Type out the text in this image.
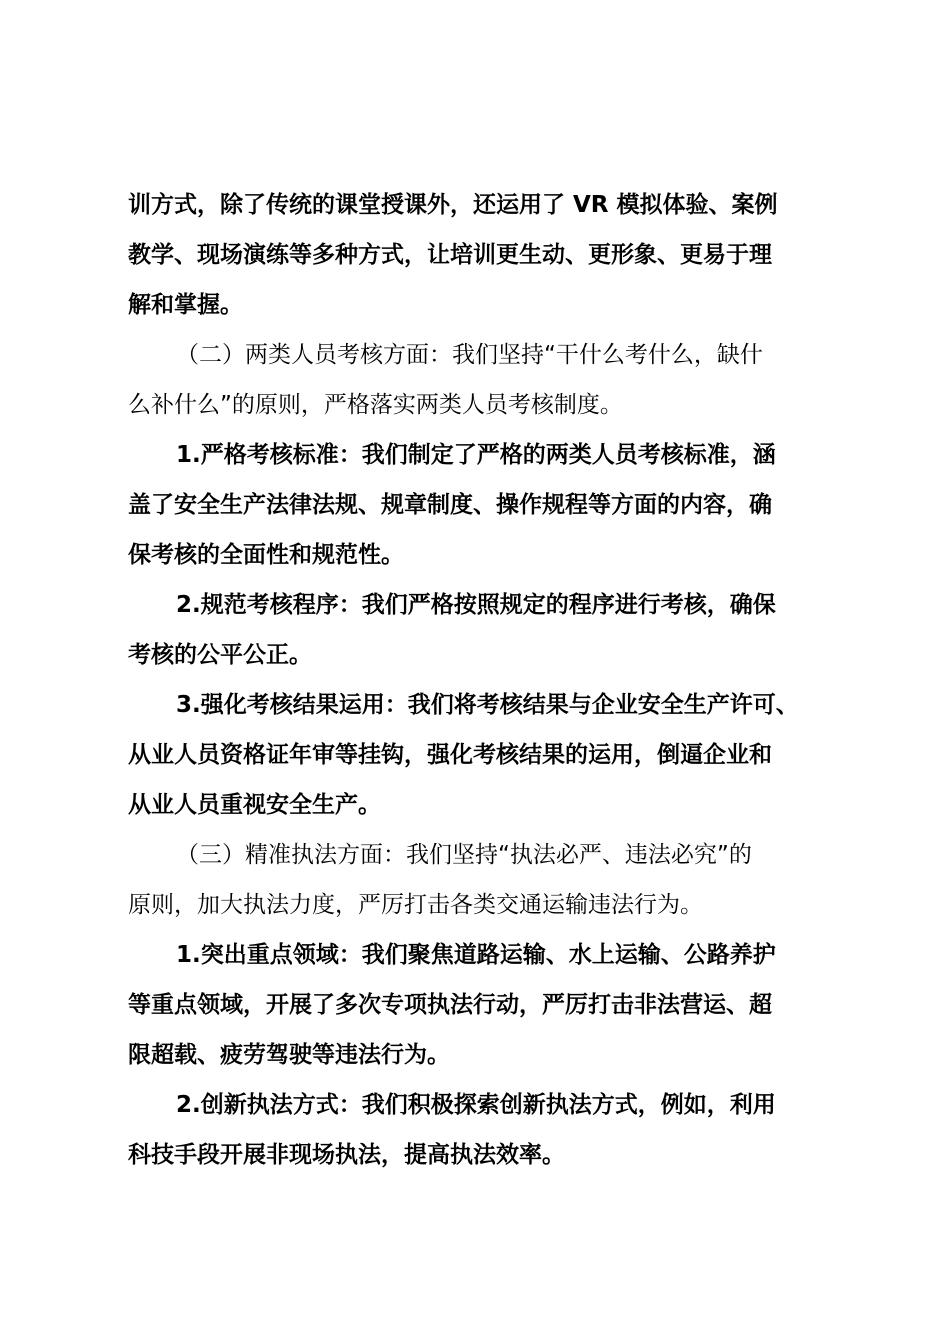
训方式，除了传统的课堂授课外，还运用了 VR 模拟体验、案例
教学、现场演练等多种方式，让培训更生动、更形象、更易于理
解和掌握。

（二）两类人员考核方面：我们坚持“干什么考什么，缺什
么补什么”的原则，严格落实两类人员考核制度。

1.严格考核标准：我们制定了严格的两类人员考核标准，涵
盖了安全生产法律法规、规章制度、操作规程等方面的内容，确
保考核的全面性和规范性。

2.规范考核程序：我们严格按照规定的程序进行考核，确保
考核的公平公正。

3.强化考核结果运用：我们将考核结果与企业安全生产许可、
从业人员资格证年审等挂钩，强化考核结果的运用，倒逼企业和
从业人员重视安全生产。

（三）精准执法方面：我们坚持“执法必严、违法必究”的
原则，加大执法力度，严厉打击各类交通运输违法行为。

1.突出重点领域：我们聚焦道路运输、水上运输、公路养护
等重点领域，开展了多次专项执法行动，严厉打击非法营运、超
限超载、疲劳驾驶等违法行为。

2.创新执法方式：我们积极探索创新执法方式，例如，利用
科技手段开展非现场执法，提高执法效率。
